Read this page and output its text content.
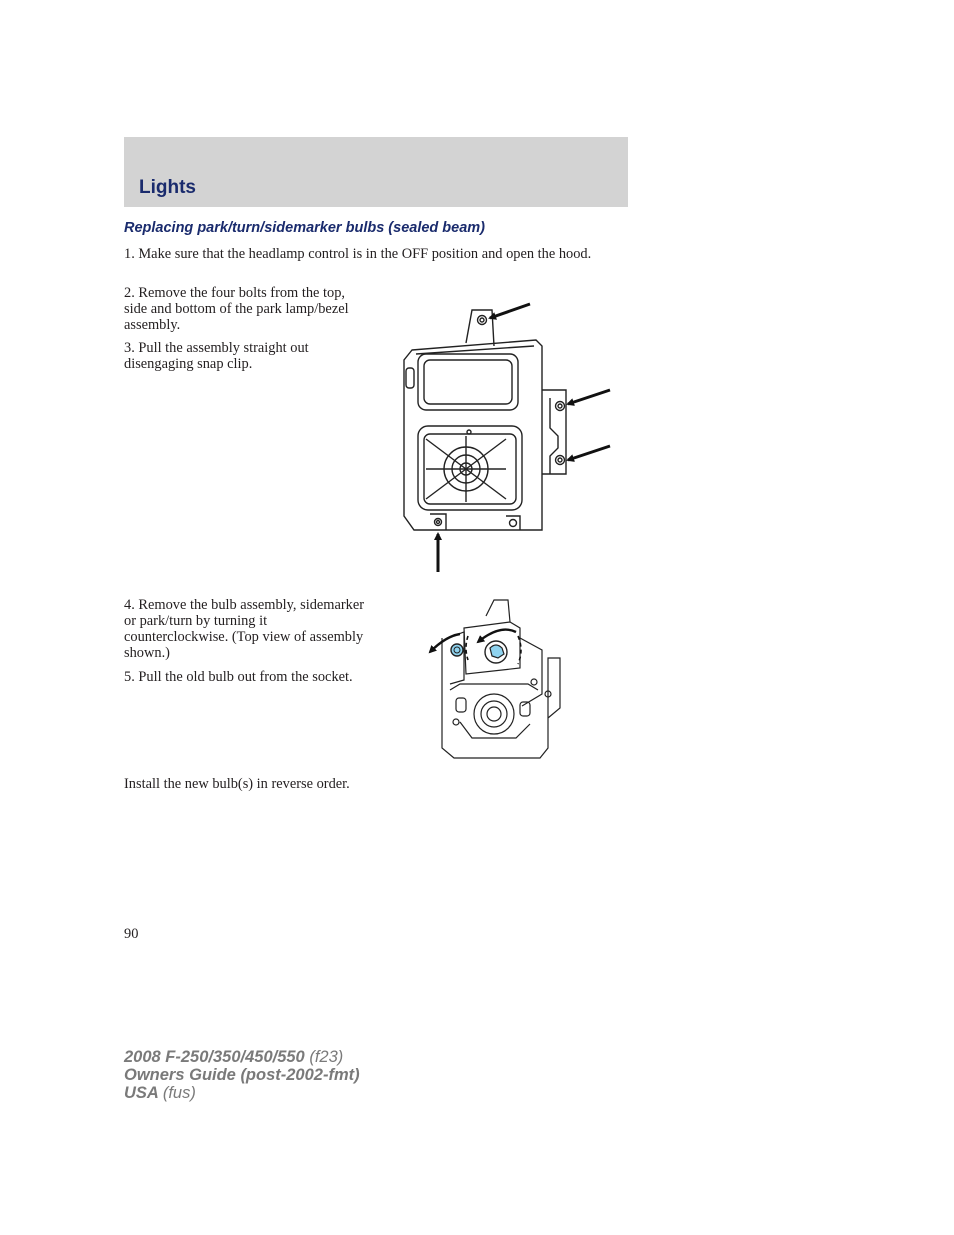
Lights
Replacing park/turn/sidemarker bulbs (sealed beam)

1. Make sure that the headlamp control is in the OFF position and open the hood.

2. Remove the four bolts from the top, side and bottom of the park lamp/bezel assembly.

3. Pull the assembly straight out disengaging snap clip.

4. Remove the bulb assembly, sidemarker or park/turn by turning it counterclockwise. (Top view of assembly shown.)

5. Pull the old bulb out from the socket.

Install the new bulb(s) in reverse order.

90

2008 F-250/350/450/550 (f23)
Owners Guide (post-2002-fmt)
USA (fus)
